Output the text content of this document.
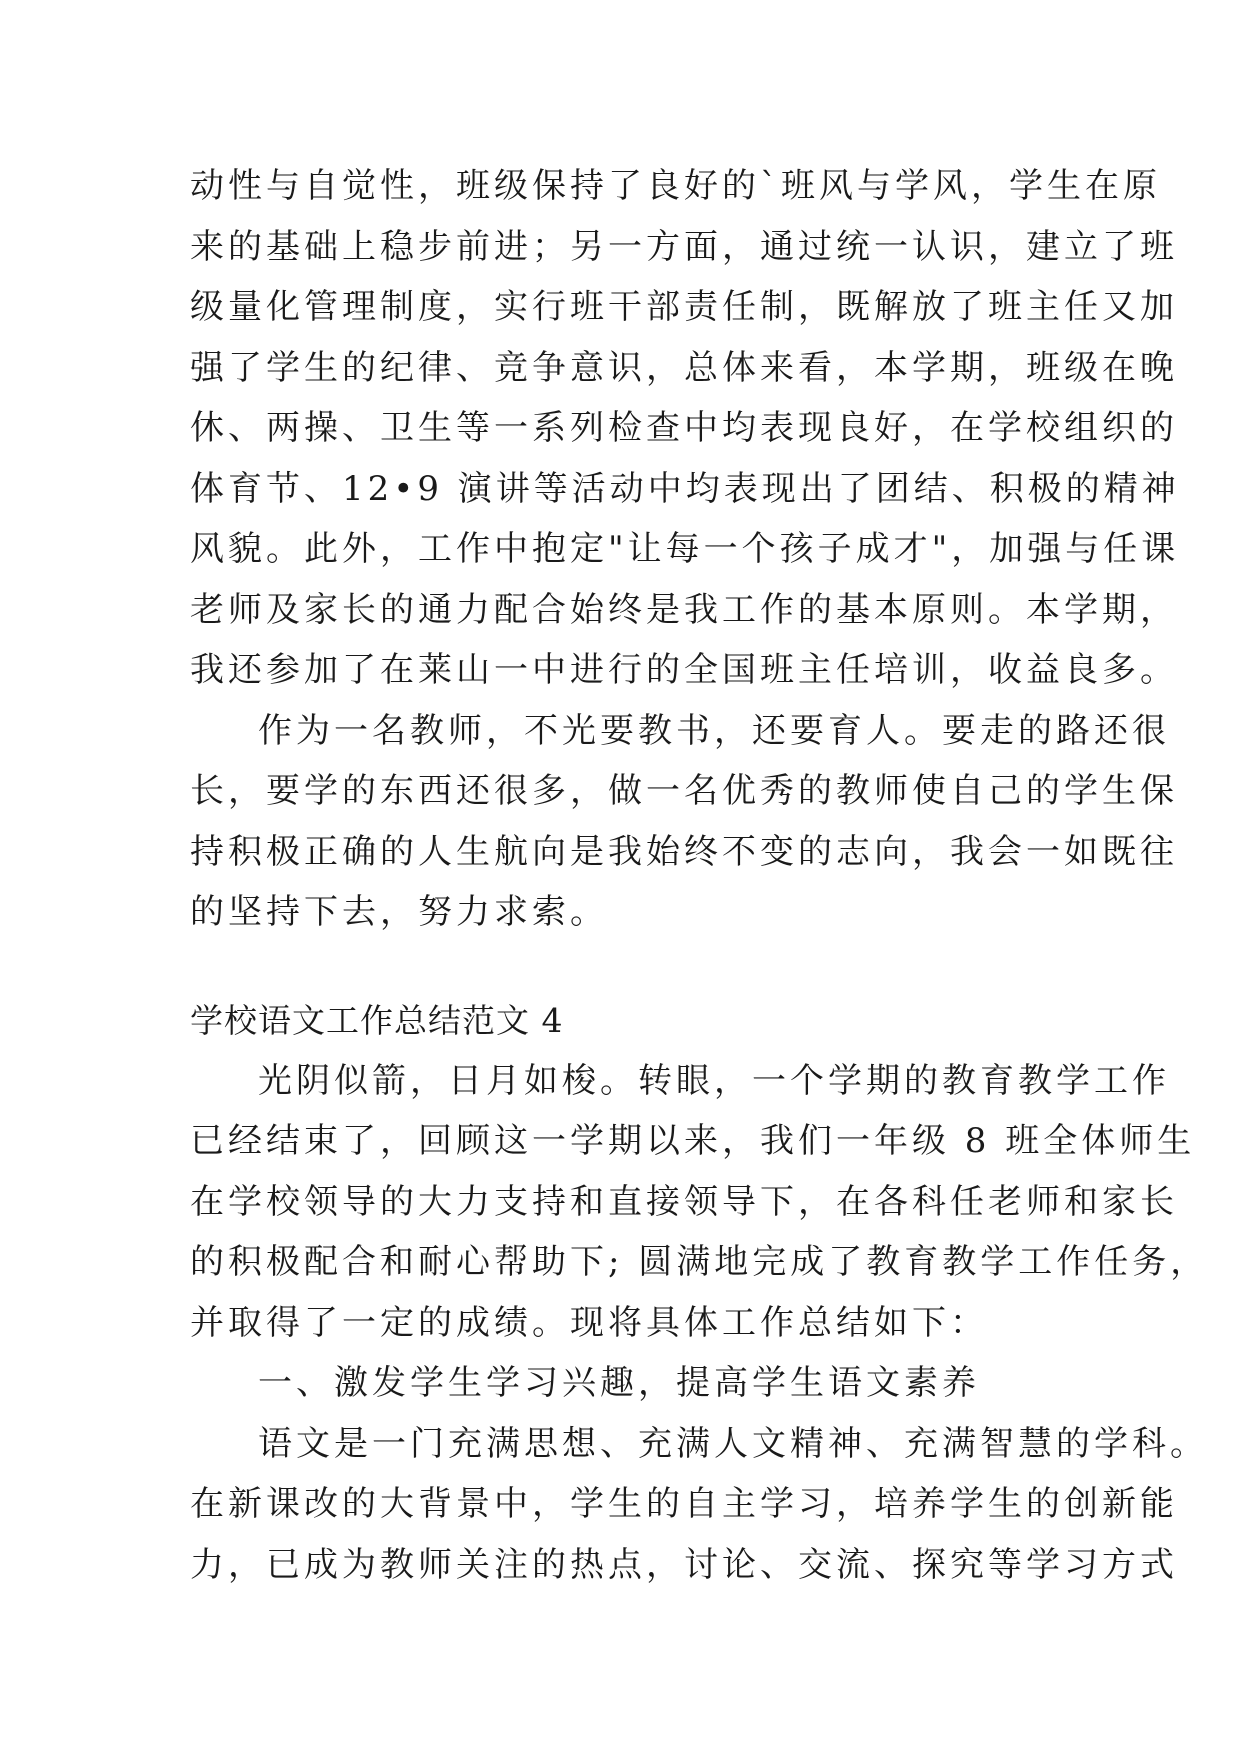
动性与自觉性，班级保持了良好的`班风与学风，学生在原
来的基础上稳步前进；另一方面，通过统一认识，建立了班
级量化管理制度，实行班干部责任制，既解放了班主任又加
强了学生的纪律、竞争意识，总体来看，本学期，班级在晚
休、两操、卫生等一系列检查中均表现良好，在学校组织的
体育节、12•9 演讲等活动中均表现出了团结、积极的精神
风貌。此外，工作中抱定"让每一个孩子成才"，加强与任课
老师及家长的通力配合始终是我工作的基本原则。本学期，
我还参加了在莱山一中进行的全国班主任培训，收益良多。
作为一名教师，不光要教书，还要育人。要走的路还很
长，要学的东西还很多，做一名优秀的教师使自己的学生保
持积极正确的人生航向是我始终不变的志向，我会一如既往
的坚持下去，努力求索。
学校语文工作总结范文 4
光阴似箭，日月如梭。转眼，一个学期的教育教学工作
已经结束了，回顾这一学期以来，我们一年级 8 班全体师生
在学校领导的大力支持和直接领导下，在各科任老师和家长
的积极配合和耐心帮助下; 圆满地完成了教育教学工作任务，
并取得了一定的成绩。现将具体工作总结如下：
一、激发学生学习兴趣，提高学生语文素养
语文是一门充满思想、充满人文精神、充满智慧的学科。
在新课改的大背景中，学生的自主学习，培养学生的创新能
力，已成为教师关注的热点，讨论、交流、探究等学习方式
